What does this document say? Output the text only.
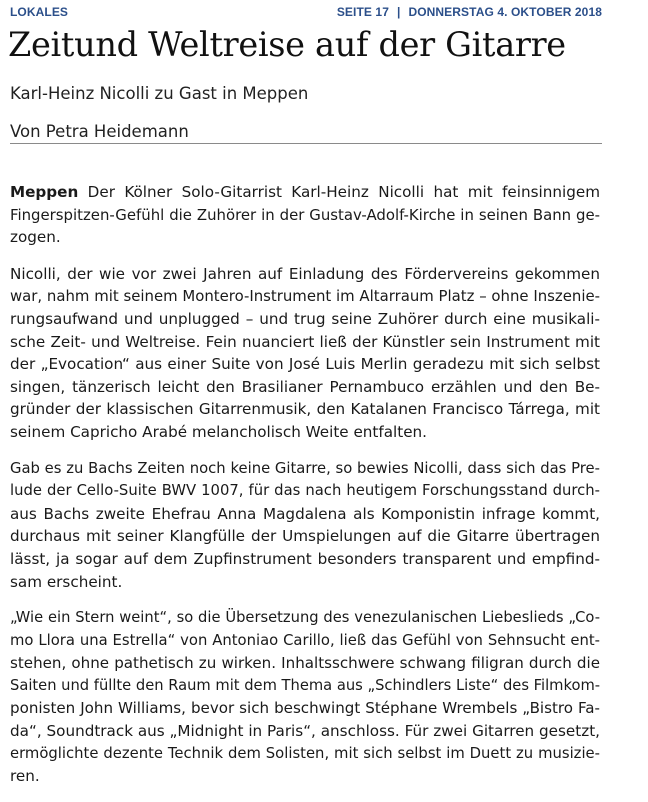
LOKALES	SEITE 17 | DONNERSTAG 4. OKTOBER 2018
Zeitund Weltreise auf der Gitarre
Karl-Heinz Nicolli zu Gast in Meppen
Von Petra Heidemann

Meppen Der Kölner Solo-Gitarrist Karl-Heinz Nicolli hat mit feinsinnigem
Fingerspitzen-Gefühl die Zuhörer in der Gustav-Adolf-Kirche in seinen Bann ge-
zogen.

Nicolli, der wie vor zwei Jahren auf Einladung des Fördervereins gekommen
war, nahm mit seinem Montero-Instrument im Altarraum Platz – ohne Inszenie-
rungsaufwand und unplugged – und trug seine Zuhörer durch eine musikali-
sche Zeit- und Weltreise. Fein nuanciert ließ der Künstler sein Instrument mit
der „Evocation“ aus einer Suite von José Luis Merlin geradezu mit sich selbst
singen, tänzerisch leicht den Brasilianer Pernambuco erzählen und den Be-
gründer der klassischen Gitarrenmusik, den Katalanen Francisco Tárrega, mit
seinem Capricho Arabé melancholisch Weite entfalten.

Gab es zu Bachs Zeiten noch keine Gitarre, so bewies Nicolli, dass sich das Pre-
lude der Cello-Suite BWV 1007, für das nach heutigem Forschungsstand durch-
aus Bachs zweite Ehefrau Anna Magdalena als Komponistin infrage kommt,
durchaus mit seiner Klangfülle der Umspielungen auf die Gitarre übertragen
lässt, ja sogar auf dem Zupfinstrument besonders transparent und empfind-
sam erscheint.

„Wie ein Stern weint“, so die Übersetzung des venezulanischen Liebeslieds „Co-
mo Llora una Estrella“ von Antoniao Carillo, ließ das Gefühl von Sehnsucht ent-
stehen, ohne pathetisch zu wirken. Inhaltsschwere schwang filigran durch die
Saiten und füllte den Raum mit dem Thema aus „Schindlers Liste“ des Filmkom-
ponisten John Williams, bevor sich beschwingt Stéphane Wrembels „Bistro Fa-
da“, Soundtrack aus „Midnight in Paris“, anschloss. Für zwei Gitarren gesetzt,
ermöglichte dezente Technik dem Solisten, mit sich selbst im Duett zu musizie-
ren.
